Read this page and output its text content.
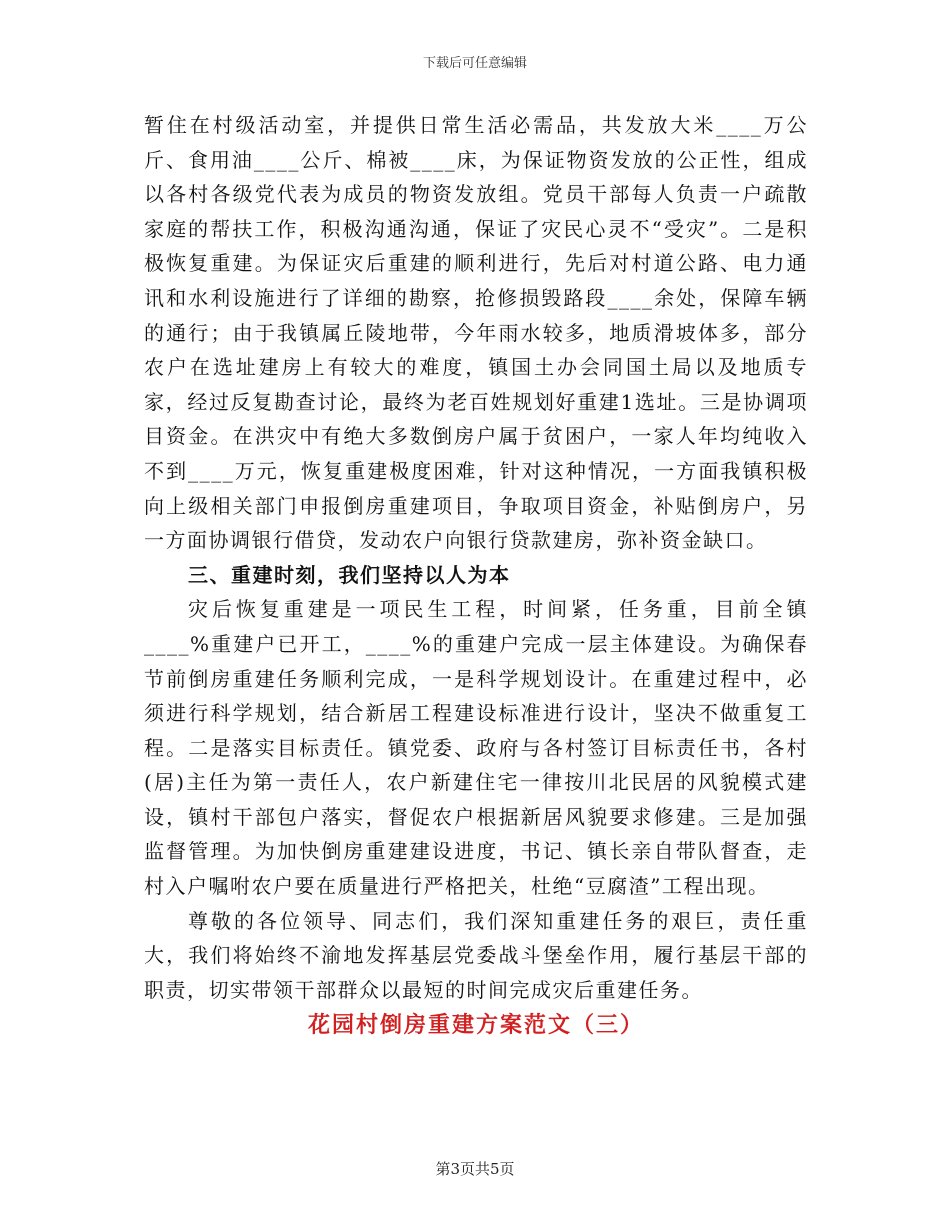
下载后可任意编辑

暂住在村级活动室，并提供日常生活必需品，共发放大米____万公斤、食用油____公斤、棉被____床，为保证物资发放的公正性，组成以各村各级党代表为成员的物资发放组。党员干部每人负责一户疏散家庭的帮扶工作，积极沟通沟通，保证了灾民心灵不“受灾”。二是积极恢复重建。为保证灾后重建的顺利进行，先后对村道公路、电力通讯和水利设施进行了详细的勘察，抢修损毁路段____余处，保障车辆的通行；由于我镇属丘陵地带，今年雨水较多，地质滑坡体多，部分农户在选址建房上有较大的难度，镇国土办会同国土局以及地质专家，经过反复勘查讨论，最终为老百姓规划好重建1选址。三是协调项目资金。在洪灾中有绝大多数倒房户属于贫困户，一家人年均纯收入不到____万元，恢复重建极度困难，针对这种情况，一方面我镇积极向上级相关部门申报倒房重建项目，争取项目资金，补贴倒房户，另一方面协调银行借贷，发动农户向银行贷款建房，弥补资金缺口。

三、重建时刻，我们坚持以人为本

灾后恢复重建是一项民生工程，时间紧，任务重，目前全镇____%重建户已开工，____%的重建户完成一层主体建设。为确保春节前倒房重建任务顺利完成，一是科学规划设计。在重建过程中，必须进行科学规划，结合新居工程建设标准进行设计，坚决不做重复工程。二是落实目标责任。镇党委、政府与各村签订目标责任书，各村(居)主任为第一责任人，农户新建住宅一律按川北民居的风貌模式建设，镇村干部包户落实，督促农户根据新居风貌要求修建。三是加强监督管理。为加快倒房重建建设进度，书记、镇长亲自带队督查，走村入户嘱咐农户要在质量进行严格把关，杜绝“豆腐渣”工程出现。

尊敬的各位领导、同志们，我们深知重建任务的艰巨，责任重大，我们将始终不渝地发挥基层党委战斗堡垒作用，履行基层干部的职责，切实带领干部群众以最短的时间完成灾后重建任务。

花园村倒房重建方案范文（三）

第3页共5页
